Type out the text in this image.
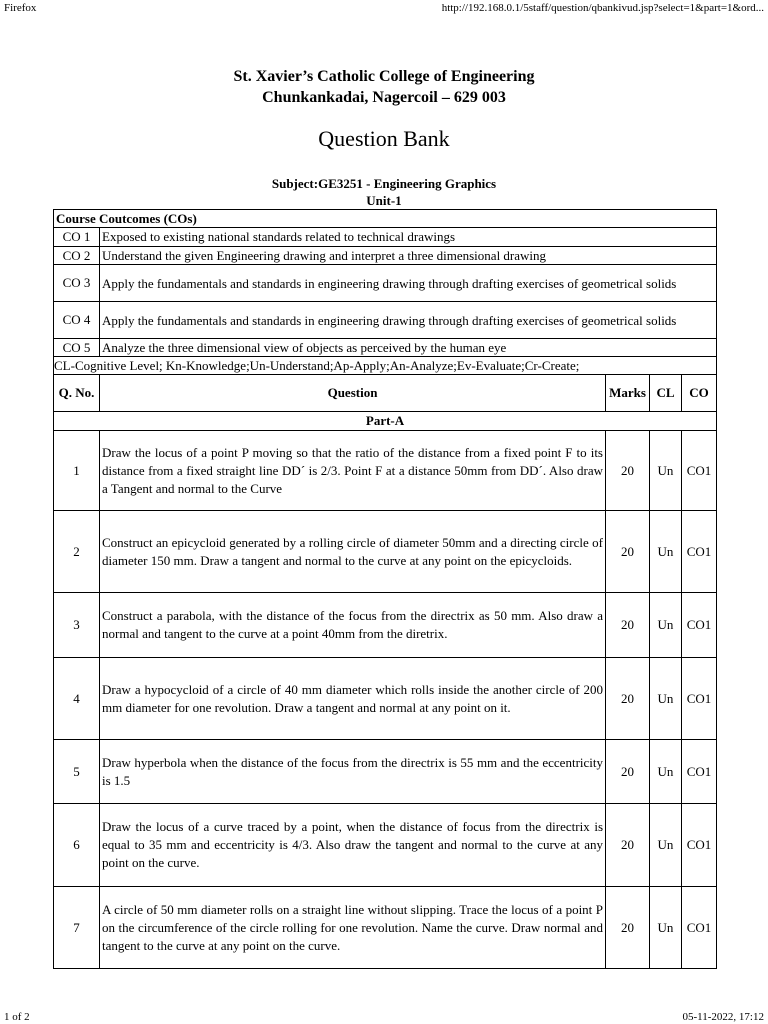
Firefox	http://192.168.0.1/5staff/question/qbankivud.jsp?select=1&part=1&ord...
St. Xavier’s Catholic College of Engineering
Chunkankadai, Nagercoil – 629 003
Question Bank
Subject:GE3251 - Engineering Graphics
Unit-1
Course Coutcomes (COs)				
CO 1	Exposed to existing national standards related to technical drawings			
CO 2	Understand the given Engineering drawing and interpret a three dimensional drawing			
CO 3	Apply the fundamentals and standards in engineering drawing through drafting exercises of geometrical solids			
CO 4	Apply the fundamentals and standards in engineering drawing through drafting exercises of geometrical solids			
CO 5	Analyze the three dimensional view of objects as perceived by the human eye			
CL-Cognitive Level; Kn-Knowledge;Un-Understand;Ap-Apply;An-Analyze;Ev-Evaluate;Cr-Create;				
Q. No.	Question	Marks	CL	CO
Part-A				
1	Draw the locus of a point P moving so that the ratio of the distance from a fixed point F to its distance from a fixed straight line DD´ is 2/3. Point F at a distance 50mm from DD´. Also draw a Tangent and normal to the Curve	20	Un	CO1
2	Construct an epicycloid generated by a rolling circle of diameter 50mm and a directing circle of diameter 150 mm. Draw a tangent and normal to the curve at any point on the epicycloids.	20	Un	CO1
3	Construct a parabola, with the distance of the focus from the directrix as 50 mm. Also draw a normal and tangent to the curve at a point 40mm from the diretrix.	20	Un	CO1
4	Draw a hypocycloid of a circle of 40 mm diameter which rolls inside the another circle of 200 mm diameter for one revolution. Draw a tangent and normal at any point on it.	20	Un	CO1
5	Draw hyperbola when the distance of the focus from the directrix is 55 mm and the eccentricity is 1.5	20	Un	CO1
6	Draw the locus of a curve traced by a point, when the distance of focus from the directrix is equal to 35 mm and eccentricity is 4/3. Also draw the tangent and normal to the curve at any point on the curve.	20	Un	CO1
7	A circle of 50 mm diameter rolls on a straight line without slipping. Trace the locus of a point P on the circumference of the circle rolling for one revolution. Name the curve. Draw normal and tangent to the curve at any point on the curve.	20	Un	CO1
1 of 2	05-11-2022, 17:12
